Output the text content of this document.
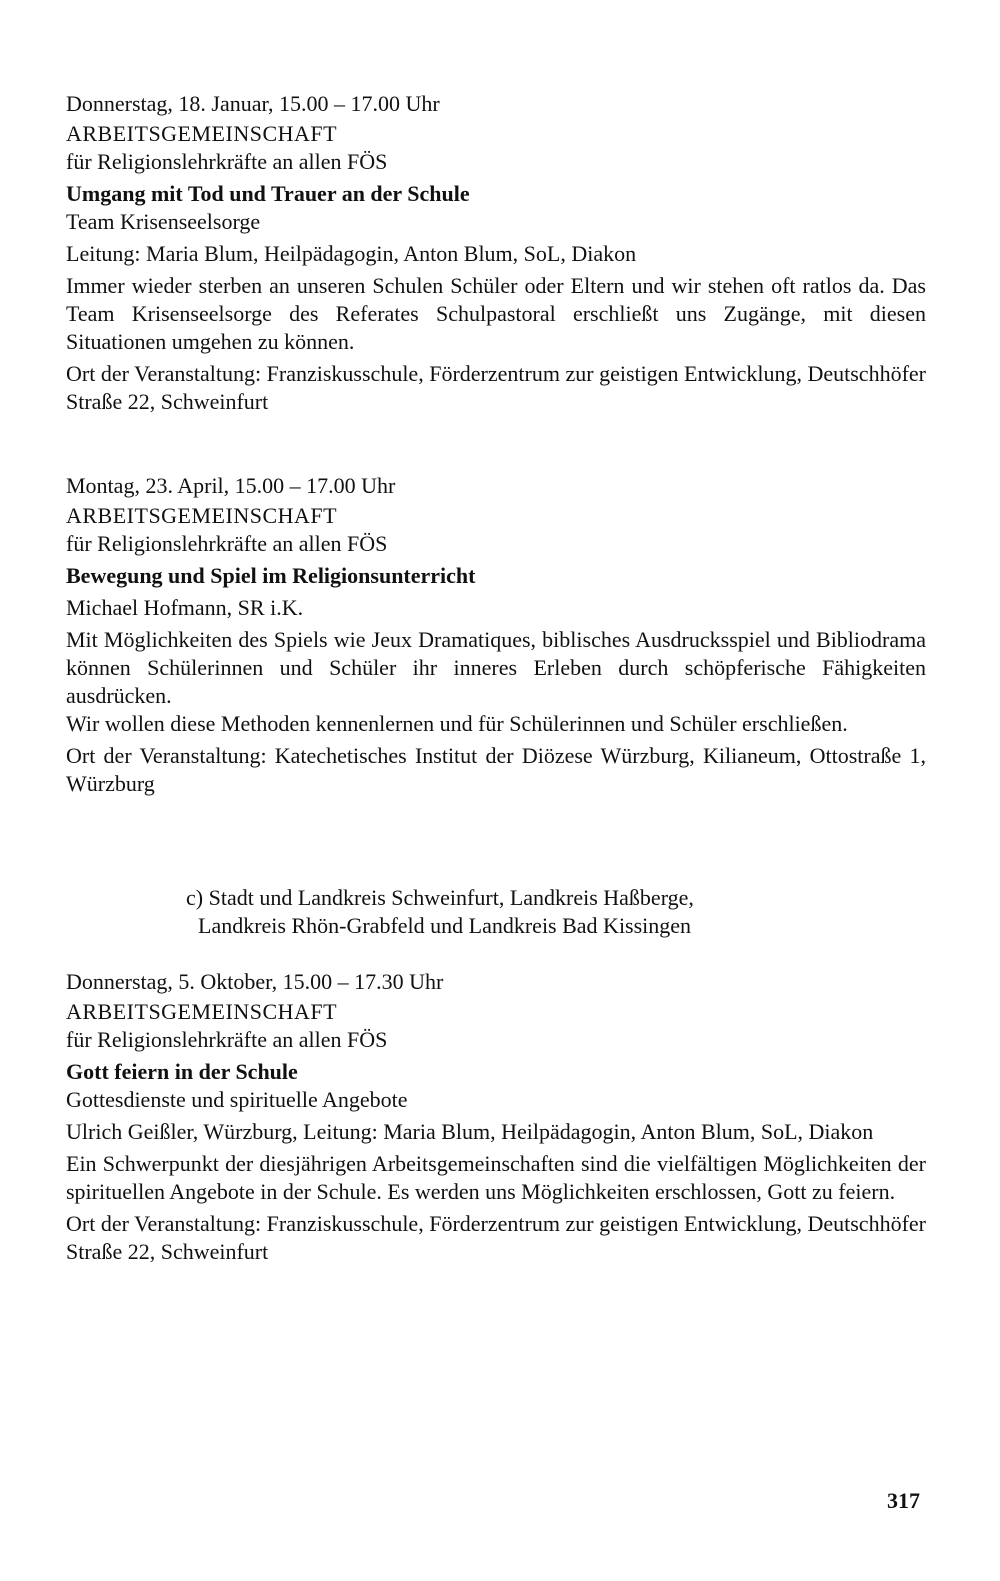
Donnerstag, 18. Januar, 15.00 – 17.00 Uhr

ARBEITSGEMEINSCHAFT

für Religionslehrkräfte an allen FÖS

Umgang mit Tod und Trauer an der Schule

Team Krisenseelsorge

Leitung: Maria Blum, Heilpädagogin, Anton Blum, SoL, Diakon

Immer wieder sterben an unseren Schulen Schüler oder Eltern und wir stehen oft ratlos da. Das Team Krisenseelsorge des Referates Schulpastoral erschließt uns Zugänge, mit diesen Situationen umgehen zu können.

Ort der Veranstaltung: Franziskusschule, Förderzentrum zur geistigen Entwicklung, Deutschhöfer Straße 22, Schweinfurt

Montag, 23. April, 15.00 – 17.00 Uhr

ARBEITSGEMEINSCHAFT

für Religionslehrkräfte an allen FÖS

Bewegung und Spiel im Religionsunterricht

Michael Hofmann, SR i.K.

Mit Möglichkeiten des Spiels wie Jeux Dramatiques, biblisches Ausdrucksspiel und Bibliodrama können Schülerinnen und Schüler ihr inneres Erleben durch schöpferische Fähigkeiten ausdrücken.

Wir wollen diese Methoden kennenlernen und für Schülerinnen und Schüler erschließen.

Ort der Veranstaltung: Katechetisches Institut der Diözese Würzburg, Kilianeum, Ottostraße 1, Würzburg

c) Stadt und Landkreis Schweinfurt, Landkreis Haßberge,

Landkreis Rhön-Grabfeld und Landkreis Bad Kissingen

Donnerstag, 5. Oktober, 15.00 – 17.30 Uhr

ARBEITSGEMEINSCHAFT

für Religionslehrkräfte an allen FÖS

Gott feiern in der Schule

Gottesdienste und spirituelle Angebote

Ulrich Geißler, Würzburg, Leitung: Maria Blum, Heilpädagogin, Anton Blum, SoL, Diakon

Ein Schwerpunkt der diesjährigen Arbeitsgemeinschaften sind die vielfältigen Möglichkeiten der spirituellen Angebote in der Schule. Es werden uns Möglichkeiten erschlossen, Gott zu feiern.

Ort der Veranstaltung: Franziskusschule, Förderzentrum zur geistigen Entwicklung, Deutschhöfer Straße 22, Schweinfurt

317
